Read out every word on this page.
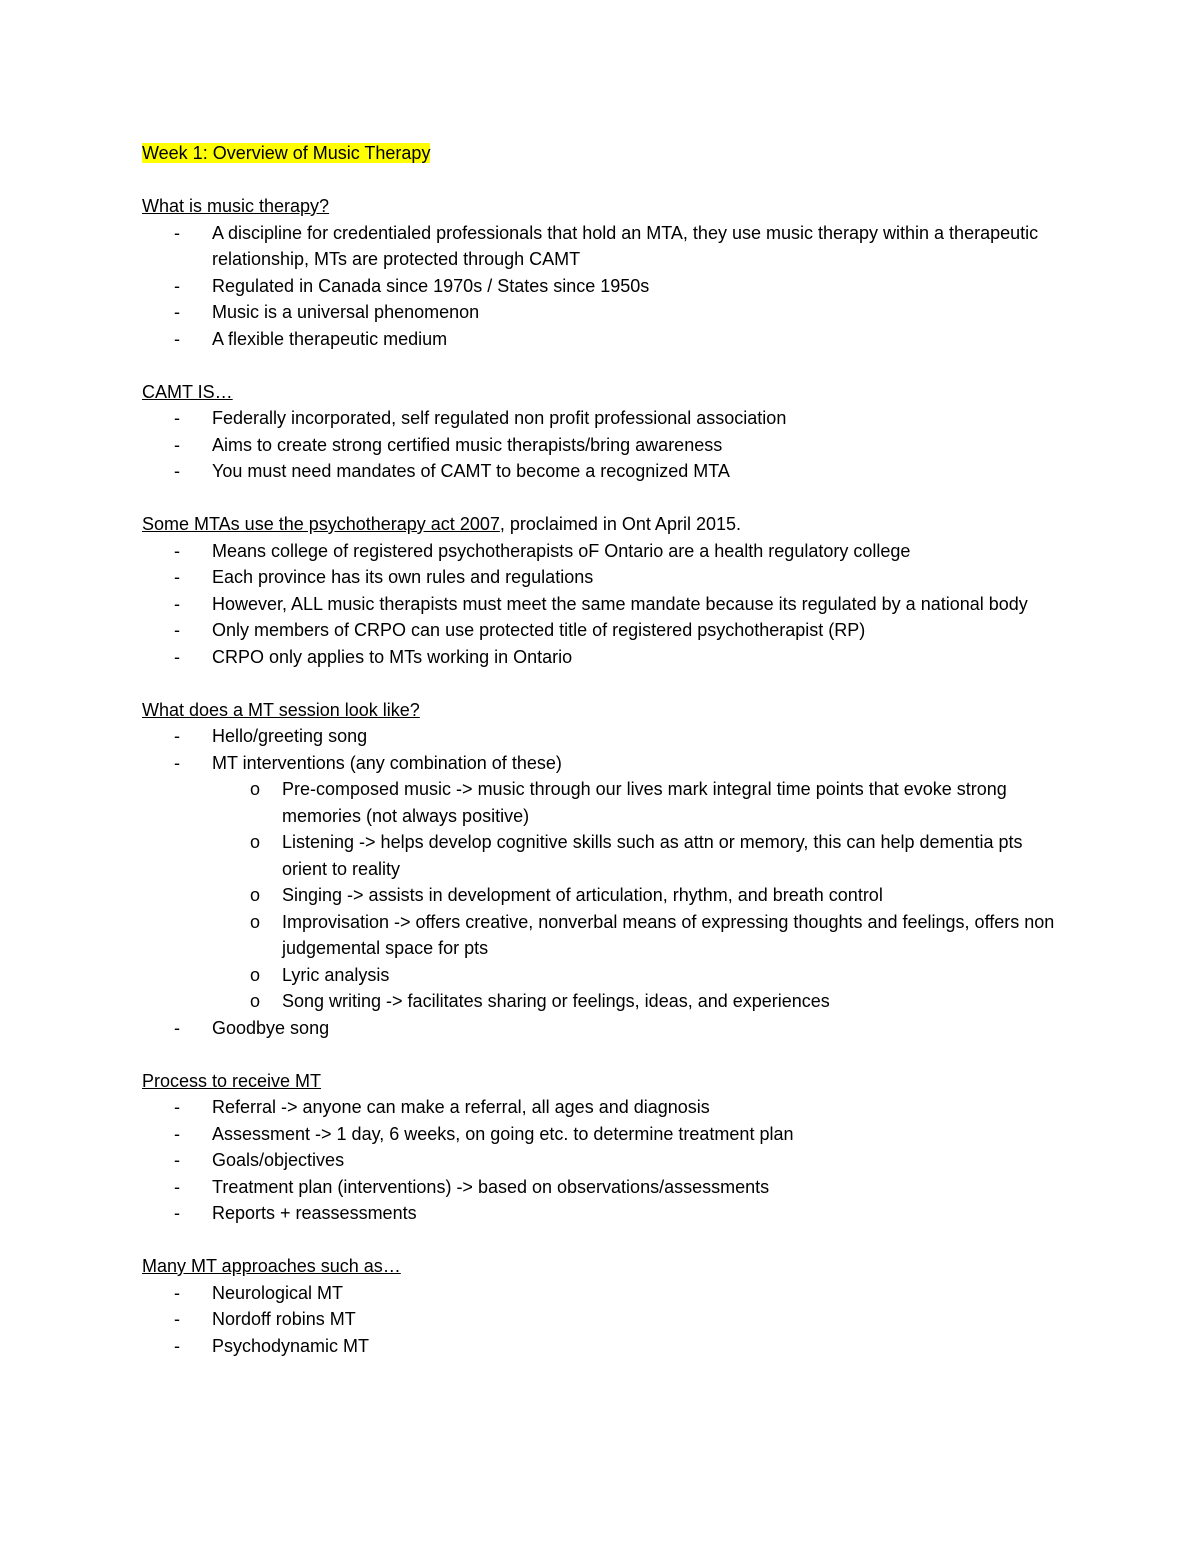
Week 1: Overview of Music Therapy
What is music therapy?
-	A discipline for credentialed professionals that hold an MTA, they use music therapy within a therapeutic relationship, MTs are protected through CAMT
-	Regulated in Canada since 1970s / States since 1950s
-	Music is a universal phenomenon
-	A flexible therapeutic medium
CAMT IS…
-	Federally incorporated, self regulated non profit professional association
-	Aims to create strong certified music therapists/bring awareness
-	You must need mandates of CAMT to become a recognized MTA
Some MTAs use the psychotherapy act 2007, proclaimed in Ont April 2015.
-	Means college of registered psychotherapists oF Ontario are a health regulatory college
-	Each province has its own rules and regulations
-	However, ALL music therapists must meet the same mandate because its regulated by a national body
-	Only members of CRPO can use protected title of registered psychotherapist (RP)
-	CRPO only applies to MTs working in Ontario
What does a MT session look like?
-	Hello/greeting song
-	MT interventions (any combination of these)
o	Pre-composed music -> music through our lives mark integral time points that evoke strong memories (not always positive)
o	Listening -> helps develop cognitive skills such as attn or memory, this can help dementia pts orient to reality
o	Singing -> assists in development of articulation, rhythm, and breath control
o	Improvisation -> offers creative, nonverbal means of expressing thoughts and feelings, offers non judgemental space for pts
o	Lyric analysis
o	Song writing -> facilitates sharing or feelings, ideas, and experiences
-	Goodbye song
Process to receive MT
-	Referral -> anyone can make a referral, all ages and diagnosis
-	Assessment -> 1 day, 6 weeks, on going etc. to determine treatment plan
-	Goals/objectives
-	Treatment plan (interventions) -> based on observations/assessments
-	Reports + reassessments
Many MT approaches such as…
-	Neurological MT
-	Nordoff robins MT
-	Psychodynamic MT
